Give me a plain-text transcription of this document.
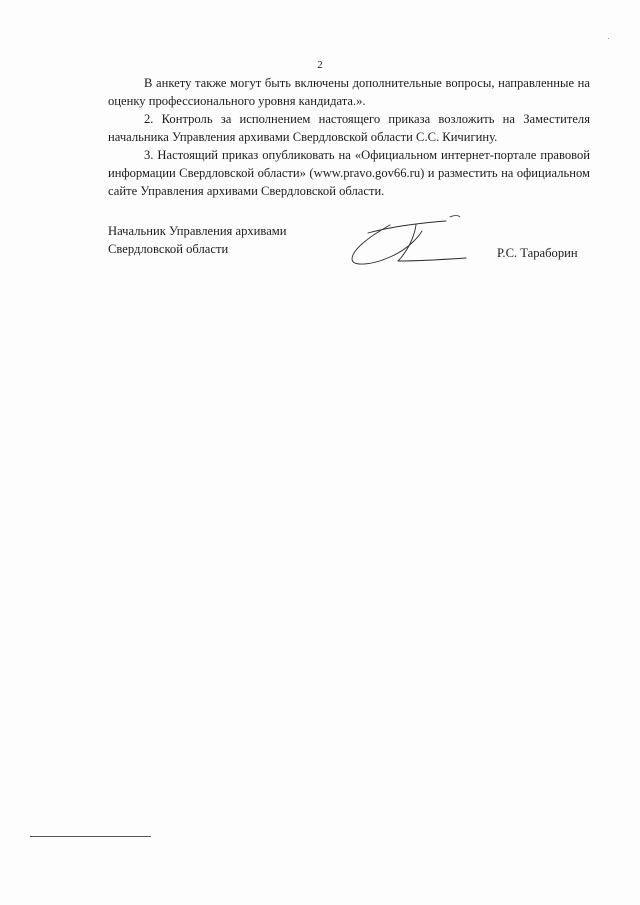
2

В анкету также могут быть включены дополнительные вопросы, направленные на оценку профессионального уровня кандидата.».

2. Контроль за исполнением настоящего приказа возложить на Заместителя начальника Управления архивами Свердловской области С.С. Кичигину.

3. Настоящий приказ опубликовать на «Официальном интернет-портале правовой информации Свердловской области» (www.pravo.gov66.ru) и разместить на официальном сайте Управления архивами Свердловской области.

Начальник Управления архивами
Свердловской области	Р.С. Тараборин
